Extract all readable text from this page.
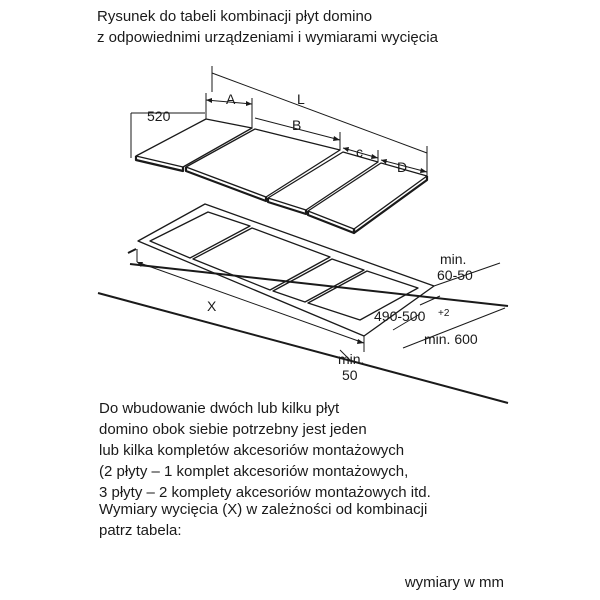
Rysunek do tabeli kombinacji płyt domino
z odpowiednimi urządzeniami i wymiarami wycięcia
520
A	L
B
c
D
min.
60-50
490-500 +2
min. 600
X
min.
50
Do wbudowanie dwóch lub kilku płyt
domino obok siebie potrzebny jest jeden
lub kilka kompletów akcesoriów montażowych
(2 płyty – 1 komplet akcesoriów montażowych,
3 płyty – 2 komplety akcesoriów montażowych itd.
Wymiary wycięcia (X) w zależności od kombinacji
patrz tabela:
wymiary w mm
